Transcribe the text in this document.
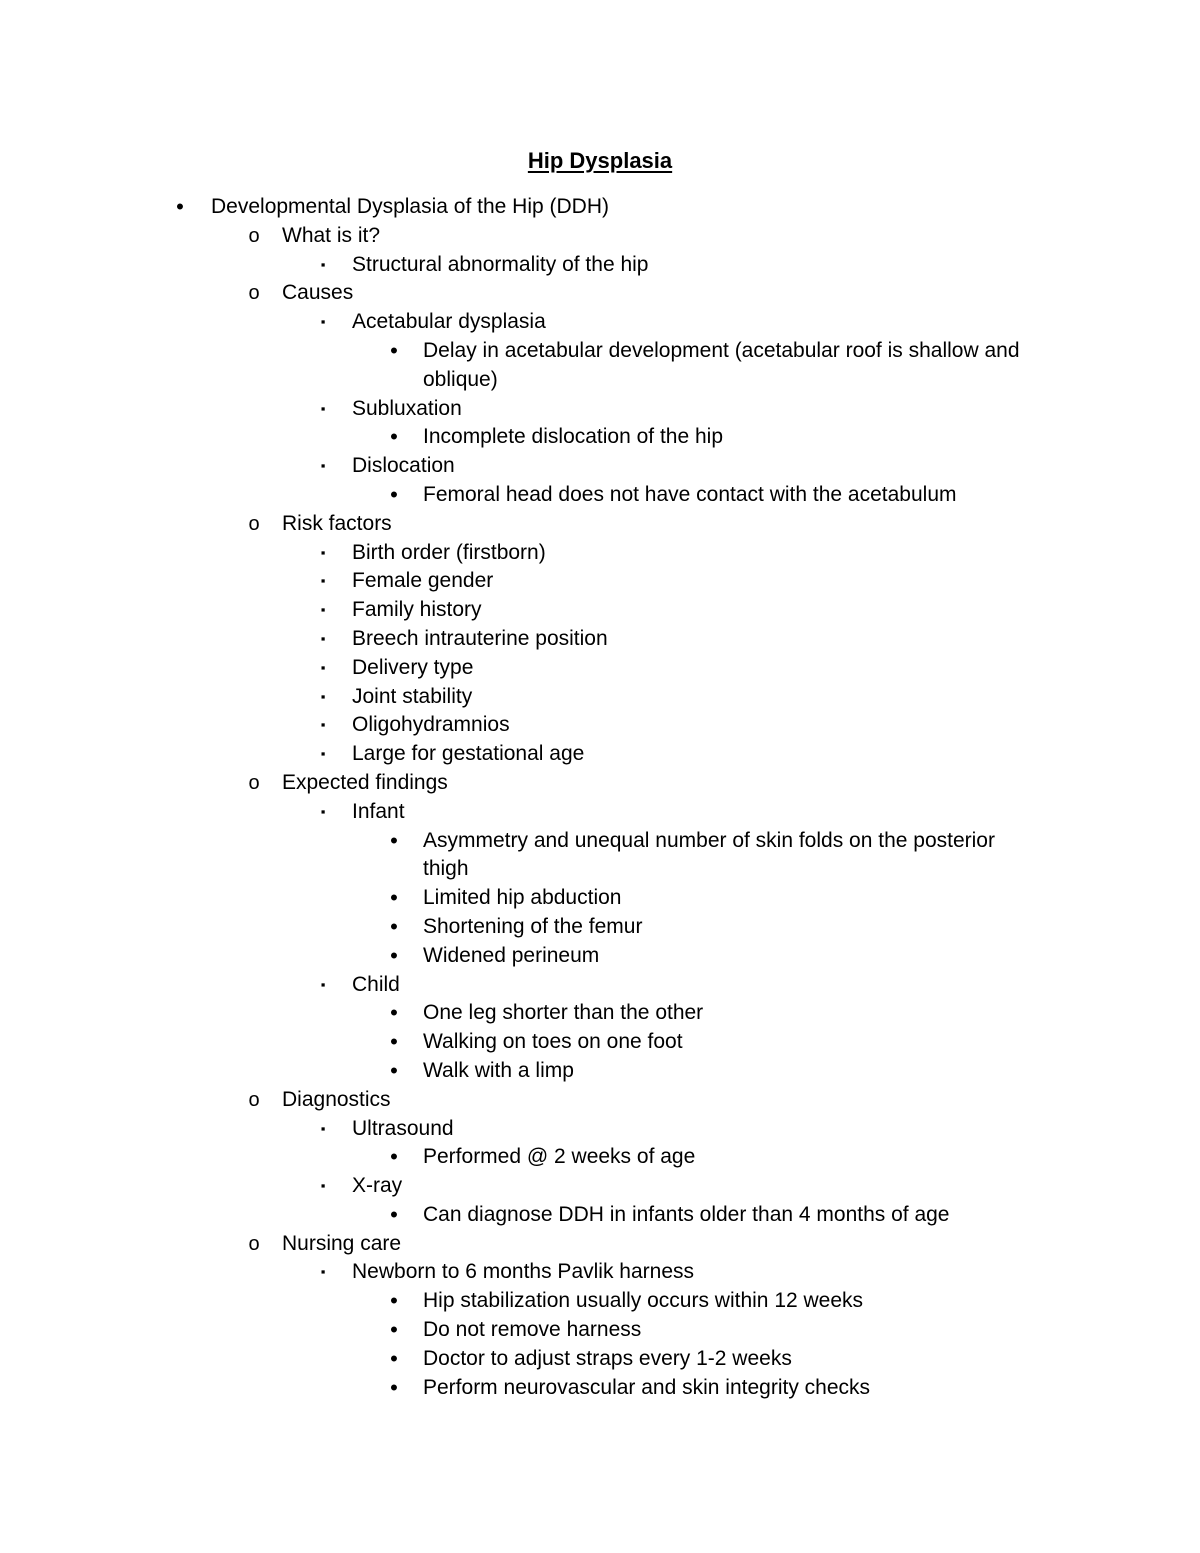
Hip Dysplasia
• Developmental Dysplasia of the Hip (DDH)
o What is it?
▪	Structural abnormality of the hip
o Causes
▪	Acetabular dysplasia
• Delay in acetabular development (acetabular roof is shallow and
oblique)
▪	Subluxation
• Incomplete dislocation of the hip
▪	Dislocation
• Femoral head does not have contact with the acetabulum
o Risk factors
▪	Birth order (firstborn)
▪	Female gender
▪	Family history
▪	Breech intrauterine position
▪	Delivery type
▪	Joint stability
▪	Oligohydramnios
▪	Large for gestational age
o Expected findings
▪	Infant
• Asymmetry and unequal number of skin folds on the posterior
thigh
• Limited hip abduction
• Shortening of the femur
• Widened perineum
▪	Child
• One leg shorter than the other
• Walking on toes on one foot
• Walk with a limp
o Diagnostics
▪	Ultrasound
• Performed @ 2 weeks of age
▪	X-ray
• Can diagnose DDH in infants older than 4 months of age
o Nursing care
▪	Newborn to 6 months Pavlik harness
• Hip stabilization usually occurs within 12 weeks
• Do not remove harness
• Doctor to adjust straps every 1-2 weeks
• Perform neurovascular and skin integrity checks
